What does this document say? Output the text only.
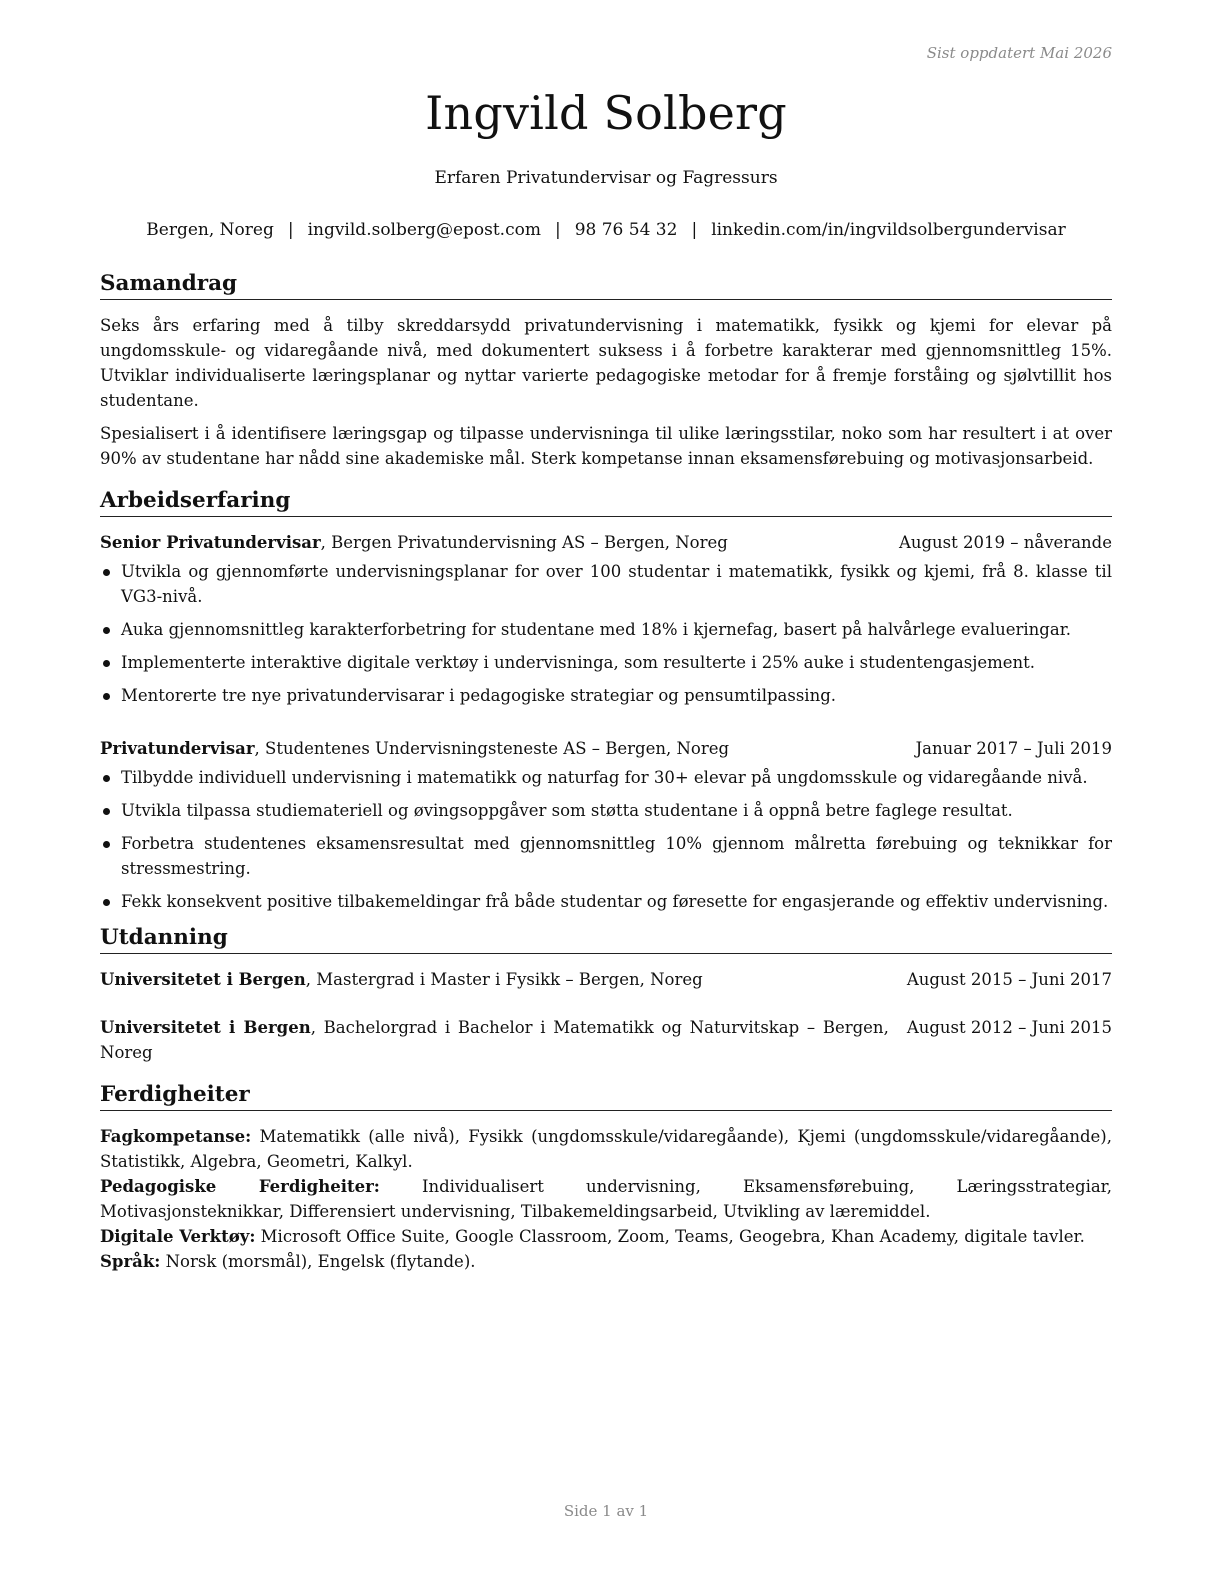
Sist oppdatert Mai 2026
Ingvild Solberg
Erfaren Privatundervisar og Fagressurs
Bergen, Noreg | ingvild.solberg@epost.com | 98 76 54 32 | linkedin.com/in/ingvildsolbergundervisar
Samandrag

Seks års erfaring med å tilby skreddarsydd privatundervisning i matematikk, fysikk og kjemi for elevar på ungdomsskule- og vidaregåande nivå, med dokumentert suksess i å forbetre karakterar med gjennomsnittleg 15%. Utviklar individualiserte læringsplanar og nyttar varierte pedagogiske metodar for å fremje forståing og sjølvtillit hos studentane.

Spesialisert i å identifisere læringsgap og tilpasse undervisninga til ulike læringsstilar, noko som har resultert i at over 90% av studentane har nådd sine akademiske mål. Sterk kompetanse innan eksamensførebuing og motivasjonsarbeid.

Arbeidserfaring
Senior Privatundervisar, Bergen Privatundervisning AS – Bergen, Noreg	August 2019 – nåverande
Utvikla og gjennomførte undervisningsplanar for over 100 studentar i matematikk, fysikk og kjemi, frå 8. klasse til VG3-nivå.
Auka gjennomsnittleg karakterforbetring for studentane med 18% i kjernefag, basert på halvårlege evalueringar.
Implementerte interaktive digitale verktøy i undervisninga, som resulterte i 25% auke i studentengasjement.
Mentorerte tre nye privatundervisarar i pedagogiske strategiar og pensumtilpassing.
Privatundervisar, Studentenes Undervisningsteneste AS – Bergen, Noreg	Januar 2017 – Juli 2019
Tilbydde individuell undervisning i matematikk og naturfag for 30+ elevar på ungdomsskule og vidaregåande nivå.
Utvikla tilpassa studiemateriell og øvingsoppgåver som støtta studentane i å oppnå betre faglege resultat.
Forbetra studentenes eksamensresultat med gjennomsnittleg 10% gjennom målretta førebuing og teknikkar for stressmestring.
Fekk konsekvent positive tilbakemeldingar frå både studentar og føresette for engasjerande og effektiv undervisning.
Utdanning
Universitetet i Bergen, Mastergrad i Master i Fysikk – Bergen, Noreg	August 2015 – Juni 2017
Universitetet i Bergen, Bachelorgrad i Bachelor i Matematikk og Naturvitskap – Bergen, Noreg
August 2012 – Juni 2015
Ferdigheiter

Fagkompetanse: Matematikk (alle nivå), Fysikk (ungdomsskule/vidaregåande), Kjemi (ungdomsskule/vidaregåande), Statistikk, Algebra, Geometri, Kalkyl.

Pedagogiske Ferdigheiter: Individualisert undervisning, Eksamensførebuing, Læringsstrategiar, Motivasjonsteknikkar, Differensiert undervisning, Tilbakemeldingsarbeid, Utvikling av læremiddel.

Digitale Verktøy: Microsoft Office Suite, Google Classroom, Zoom, Teams, Geogebra, Khan Academy, digitale tavler.

Språk: Norsk (morsmål), Engelsk (flytande).

Side 1 av 1
